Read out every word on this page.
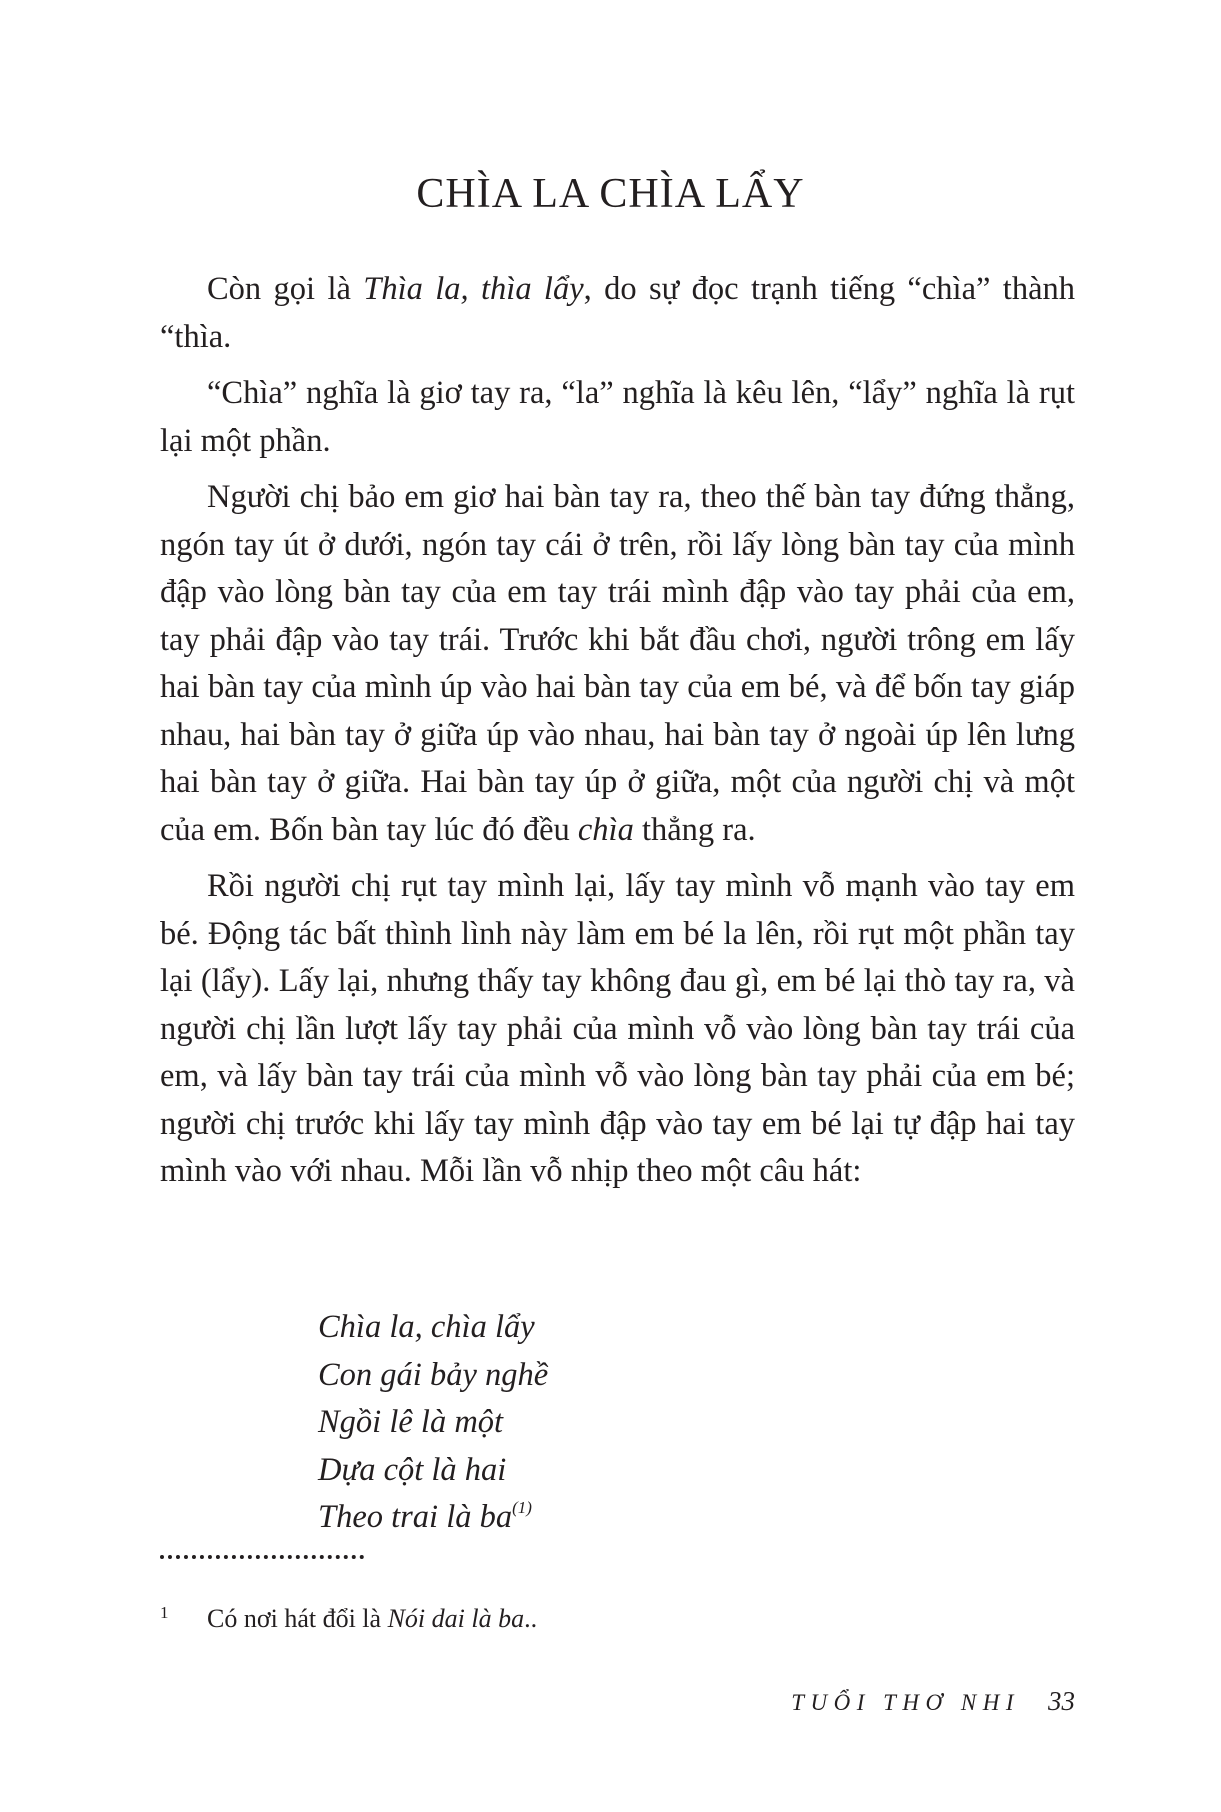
CHÌA LA CHÌA LẨY

Còn gọi là Thìa la, thìa lẩy, do sự đọc trạnh tiếng “chìa” thành “thìa.

“Chìa” nghĩa là giơ tay ra, “la” nghĩa là kêu lên, “lẩy” nghĩa là rụt lại một phần.

Người chị bảo em giơ hai bàn tay ra, theo thế bàn tay đứng thẳng, ngón tay út ở dưới, ngón tay cái ở trên, rồi lấy lòng bàn tay của mình đập vào lòng bàn tay của em tay trái mình đập vào tay phải của em, tay phải đập vào tay trái. Trước khi bắt đầu chơi, người trông em lấy hai bàn tay của mình úp vào hai bàn tay của em bé, và để bốn tay giáp nhau, hai bàn tay ở giữa úp vào nhau, hai bàn tay ở ngoài úp lên lưng hai bàn tay ở giữa. Hai bàn tay úp ở giữa, một của người chị và một của em. Bốn bàn tay lúc đó đều chìa thẳng ra.

Rồi người chị rụt tay mình lại, lấy tay mình vỗ mạnh vào tay em bé. Động tác bất thình lình này làm em bé la lên, rồi rụt một phần tay lại (lẩy). Lấy lại, nhưng thấy tay không đau gì, em bé lại thò tay ra, và người chị lần lượt lấy tay phải của mình vỗ vào lòng bàn tay trái của em, và lấy bàn tay trái của mình vỗ vào lòng bàn tay phải của em bé; người chị trước khi lấy tay mình đập vào tay em bé lại tự đập hai tay mình vào với nhau. Mỗi lần vỗ nhịp theo một câu hát:

Chìa la, chìa lẩy
Con gái bảy nghề
Ngồi lê là một
Dựa cột là hai
Theo trai là $ba^{(1)}$
1 Có nơi hát đổi là Nói dai là ba..
TUỔI THƠ NHI 33
